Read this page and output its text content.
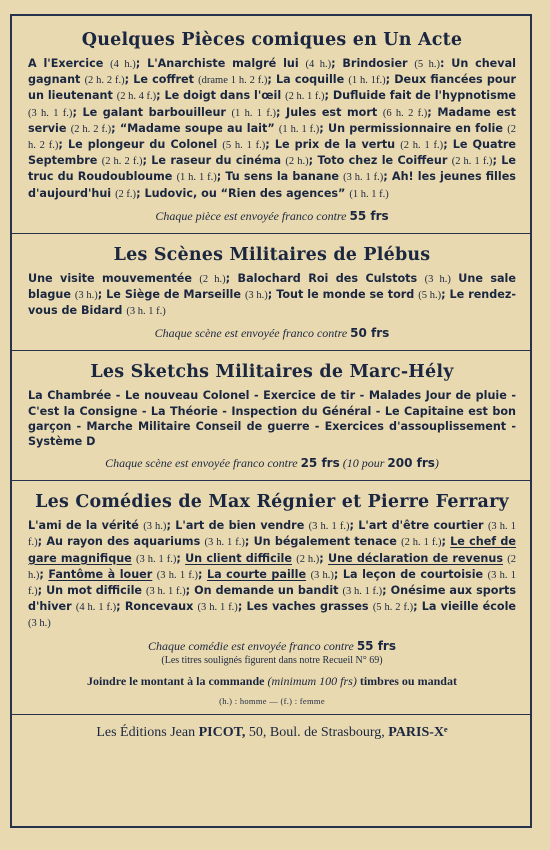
Quelques Pièces comiques en Un Acte
A l'Exercice (4 h.); L'Anarchiste malgré lui (4 h.); Brindosier (5 h.): Un cheval gagnant (2 h. 2 f.); Le coffret (drame 1 h. 2 f.); La coquille (1 h. 1f.); Deux fiancées pour un lieutenant (2 h. 4 f.); Le doigt dans l'œil (2 h. 1 f.); Dufluide fait de l'hypnotisme (3 h. 1 f.); Le galant barbouilleur (1 h. 1 f.); Jules est mort (6 h. 2 f.); Madame est servie (2 h. 2 f.); “Madame soupe au lait” (1 h. 1 f.); Un permissionnaire en folie (2 h. 2 f.); Le plongeur du Colonel (5 h. 1 f.); Le prix de la vertu (2 h. 1 f.); Le Quatre Septembre (2 h. 2 f.); Le raseur du cinéma (2 h.); Toto chez le Coiffeur (2 h. 1 f.); Le truc du Roudoubloume (1 h. 1 f.); Tu sens la banane (3 h. 1 f.); Ah! les jeunes filles d'aujourd'hui (2 f.); Ludovic, ou “Rien des agences” (1 h. 1 f.)
Chaque pièce est envoyée franco contre 55 frs
Les Scènes Militaires de Plébus
Une visite mouvementée (2 h.); Balochard Roi des Culstots (3 h.) Une sale blague (3 h.); Le Siège de Marseille (3 h.); Tout le monde se tord (5 h.); Le rendez-vous de Bidard (3 h. 1 f.)
Chaque scène est envoyée franco contre 50 frs
Les Sketchs Militaires de Marc-Hély
La Chambrée - Le nouveau Colonel - Exercice de tir - Malades Jour de pluie - C'est la Consigne - La Théorie - Inspection du Général - Le Capitaine est bon garçon - Marche Militaire Conseil de guerre - Exercices d'assouplissement - Système D
Chaque scène est envoyée franco contre 25 frs (10 pour 200 frs)
Les Comédies de Max Régnier et Pierre Ferrary
L'ami de la vérité (3 h.); L'art de bien vendre (3 h. 1 f.); L'art d'être courtier (3 h. 1 f.); Au rayon des aquariums (3 h. 1 f.); Un bégalement tenace (2 h. 1 f.); Le chef de gare magnifique (3 h. 1 f.); Un client difficile (2 h.); Une déclaration de revenus (2 h.); Fantôme à louer (3 h. 1 f.); La courte paille (3 h.); La leçon de courtoisie (3 h. 1 f.); Un mot difficile (3 h. 1 f.); On demande un bandit (3 h. 1 f.); Onésime aux sports d'hiver (4 h. 1 f.); Roncevaux (3 h. 1 f.); Les vaches grasses (5 h. 2 f.); La vieille école (3 h.)
Chaque comédie est envoyée franco contre 55 frs
(Les titres soulignés figurent dans notre Recueil N° 69)
Joindre le montant à la commande (minimum 100 frs) timbres ou mandat
(h.) : homme — (f.) : femme
Les Éditions Jean PICOT, 50, Boul. de Strasbourg, PARIS-Xᵉ
